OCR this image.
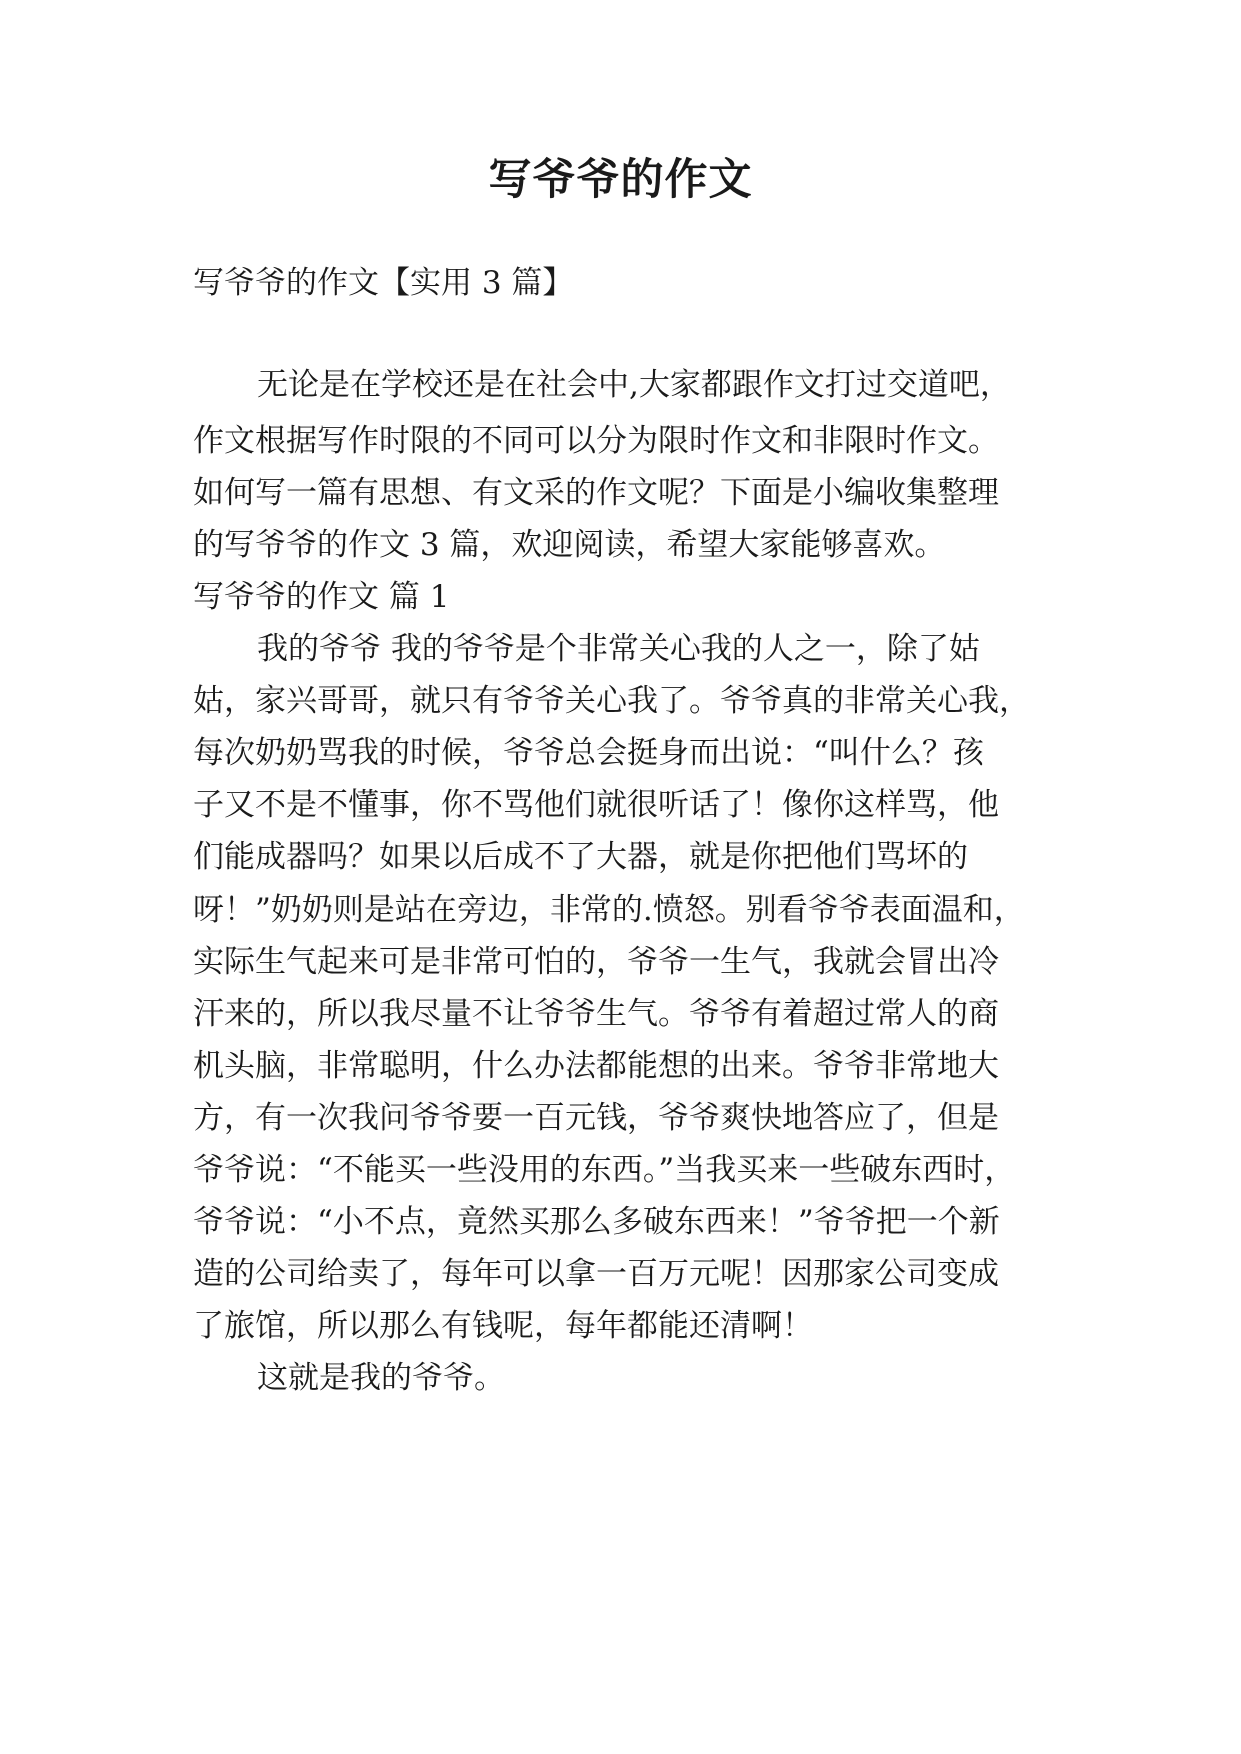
写爷爷的作文

写爷爷的作文【实用 3 篇】

无论是在学校还是在社会中,大家都跟作文打过交道吧，

作文根据写作时限的不同可以分为限时作文和非限时作文。

如何写一篇有思想、有文采的作文呢？下面是小编收集整理

的写爷爷的作文 3 篇，欢迎阅读，希望大家能够喜欢。

写爷爷的作文 篇 1

我的爷爷 我的爷爷是个非常关心我的人之一，除了姑

姑，家兴哥哥，就只有爷爷关心我了。爷爷真的非常关心我，

每次奶奶骂我的时候，爷爷总会挺身而出说：“叫什么？孩

子又不是不懂事，你不骂他们就很听话了！像你这样骂，他

们能成器吗？如果以后成不了大器，就是你把他们骂坏的

呀！”奶奶则是站在旁边，非常的.愤怒。别看爷爷表面温和，

实际生气起来可是非常可怕的，爷爷一生气，我就会冒出冷

汗来的，所以我尽量不让爷爷生气。爷爷有着超过常人的商

机头脑，非常聪明，什么办法都能想的出来。爷爷非常地大

方，有一次我问爷爷要一百元钱，爷爷爽快地答应了，但是

爷爷说：“不能买一些没用的东西。”当我买来一些破东西时，

爷爷说：“小不点，竟然买那么多破东西来！”爷爷把一个新

造的公司给卖了，每年可以拿一百万元呢！因那家公司变成

了旅馆，所以那么有钱呢，每年都能还清啊！

这就是我的爷爷。
